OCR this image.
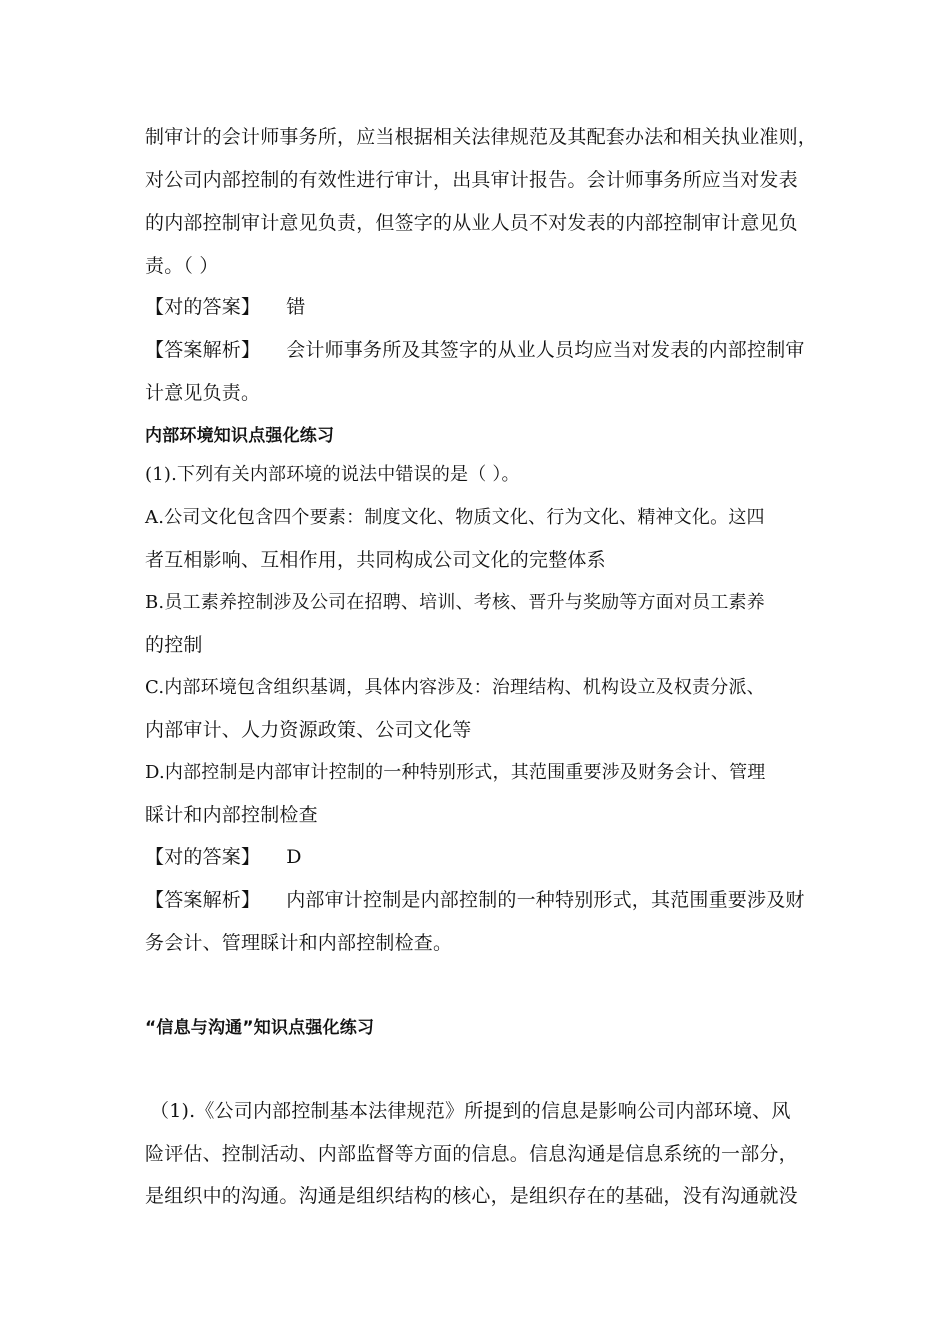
制审计的会计师事务所，应当根据相关法律规范及其配套办法和相关执业准则，
对公司内部控制的有效性进行审计，出具审计报告。会计师事务所应当对发表
的内部控制审计意见负责，但签字的从业人员不对发表的内部控制审计意见负
责。（ ）
【对的答案】 错
【答案解析】 会计师事务所及其签字的从业人员均应当对发表的内部控制审
计意见负责。
内部环境知识点强化练习
(1).下列有关内部环境的说法中错误的是（ ）。
A.公司文化包含四个要素：制度文化、物质文化、行为文化、精神文化。这四
者互相影响、互相作用，共同构成公司文化的完整体系
B.员工素养控制涉及公司在招聘、培训、考核、晋升与奖励等方面对员工素养
的控制
C.内部环境包含组织基调，具体内容涉及：治理结构、机构设立及权责分派、
内部审计、人力资源政策、公司文化等
D.内部控制是内部审计控制的一种特别形式，其范围重要涉及财务会计、管理
睬计和内部控制检查
【对的答案】 D
【答案解析】 内部审计控制是内部控制的一种特别形式，其范围重要涉及财
务会计、管理睬计和内部控制检查。
“信息与沟通”知识点强化练习
（1).《公司内部控制基本法律规范》所提到的信息是影响公司内部环境、风
险评估、控制活动、内部监督等方面的信息。信息沟通是信息系统的一部分，
是组织中的沟通。沟通是组织结构的核心，是组织存在的基础，没有沟通就没
